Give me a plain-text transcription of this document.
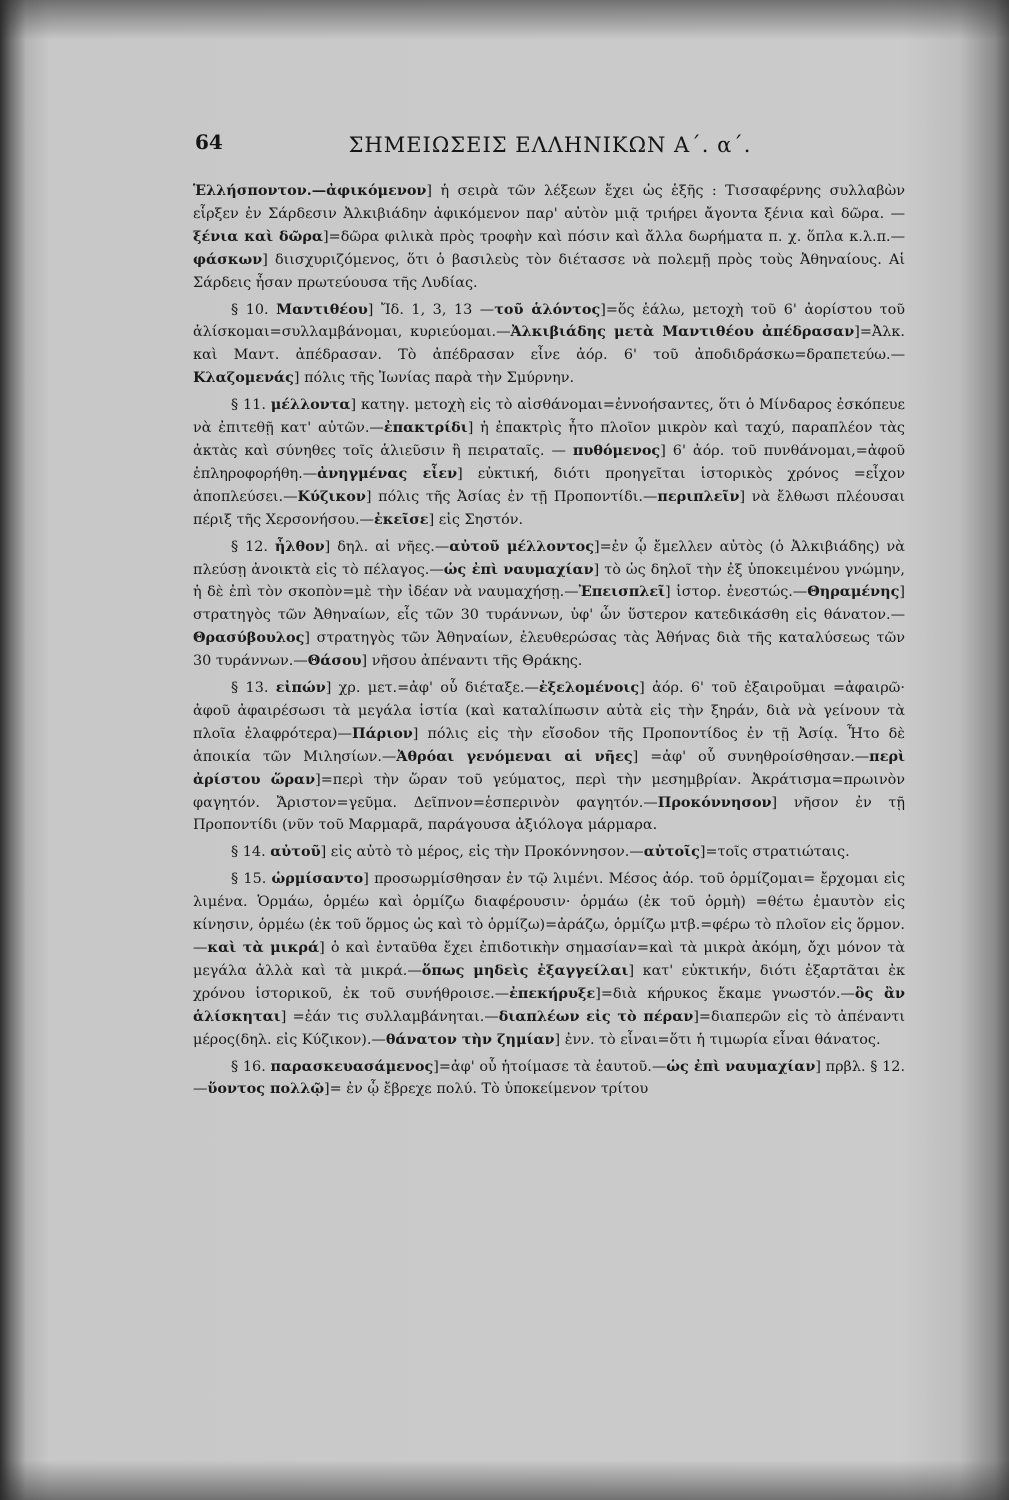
64	ΣΗΜΕΙΩΣΕΙΣ ΕΛΛΗΝΙΚΩΝ Α΄. α΄.

Ἑλλήσποντον.—ἀφικόμενον] ἡ σειρὰ τῶν λέξεων ἔχει ὡς ἑξῆς : Τισσαφέρνης συλλαβὼν εἷρξεν ἐν Σάρδεσιν Ἀλκιβιάδην ἀφικόμενον παρ' αὐτὸν μιᾷ τριήρει ἄγοντα ξένια καὶ δῶρα. — ξένια καὶ δῶρα]=δῶρα φιλικὰ πρὸς τροφὴν καὶ πόσιν καὶ ἄλλα δωρήματα π. χ. ὅπλα κ.λ.π.—φάσκων] διισχυριζόμενος, ὅτι ὁ βασιλεὺς τὸν διέτασσε νὰ πολεμῇ πρὸς τοὺς Ἀθηναίους. Αἱ Σάρδεις ἦσαν πρωτεύουσα τῆς Λυδίας.

§ 10. Μαντιθέου] Ἴδ. 1, 3, 13 —τοῦ ἁλόντος]=ὅς ἑάλω, μετοχὴ τοῦ 6' ἀορίστου τοῦ ἁλίσκομαι=συλλαμβάνομαι, κυριεύομαι.—Ἀλκιβιάδης μετὰ Μαντιθέου ἀπέδρασαν]=Ἀλκ. καὶ Μαντ. ἀπέδρασαν. Τὸ ἀπέδρασαν εἶνε ἀόρ. 6' τοῦ ἀποδιδράσκω=δραπετεύω.—Κλαζομενάς] πόλις τῆς Ἰωνίας παρὰ τὴν Σμύρνην.

§ 11. μέλλοντα] κατηγ. μετοχὴ εἰς τὸ αἰσθάνομαι=ἐννοήσαντες, ὅτι ὁ Μίνδαρος ἐσκόπευε νὰ ἐπιτεθῇ κατ' αὐτῶν.—ἐπακτρίδι] ἡ ἐπακτρὶς ἦτο πλοῖον μικρὸν καὶ ταχύ, παραπλέον τὰς ἀκτὰς καὶ σύνηθες τοῖς ἁλιεῦσιν ἢ πειραταῖς. — πυθόμενος] 6' ἀόρ. τοῦ πυνθάνομαι,=ἀφοῦ ἐπληροφορήθη.—ἀνηγμένας εἶεν] εὐκτική, διότι προηγεῖται ἱστορικὸς χρόνος =εἶχον ἀποπλεύσει.—Κύζικον] πόλις τῆς Ἀσίας ἐν τῇ Προποντίδι.—περιπλεῖν] νὰ ἔλθωσι πλέουσαι πέριξ τῆς Χερσονήσου.—ἐκεῖσε] εἰς Σηστόν.

§ 12. ἦλθον] δηλ. αἱ νῆες.—αὐτοῦ μέλλοντος]=ἐν ᾧ ἔμελλεν αὐτὸς (ὁ Ἀλκιβιάδης) νὰ πλεύσῃ ἀνοικτὰ εἰς τὸ πέλαγος.—ὡς ἐπὶ ναυμαχίαν] τὸ ὡς δηλοῖ τὴν ἐξ ὑποκειμένου γνώμην, ἡ δὲ ἐπὶ τὸν σκοπὸν=μὲ τὴν ἰδέαν νὰ ναυμαχήσῃ.—Ἐπεισπλεῖ] ἱστορ. ἐνεστώς.—Θηραμένης] στρατηγὸς τῶν Ἀθηναίων, εἷς τῶν 30 τυράννων, ὑφ' ὧν ὕστερον κατεδικάσθη εἰς θάνατον.—Θρασύβουλος] στρατηγὸς τῶν Ἀθηναίων, ἐλευθερώσας τὰς Ἀθήνας διὰ τῆς καταλύσεως τῶν 30 τυράννων.—Θάσου] νῆσου ἀπέναντι τῆς Θράκης.

§ 13. εἰπών] χρ. μετ.=ἀφ' οὗ διέταξε.—ἐξελομένοις] ἀόρ. 6' τοῦ ἐξαιροῦμαι =ἀφαιρῶ· ἀφοῦ ἀφαιρέσωσι τὰ μεγάλα ἱστία (καὶ καταλίπωσιν αὐτὰ εἰς τὴν ξηράν, διὰ νὰ γείνουν τὰ πλοῖα ἐλαφρότερα)—Πάριον] πόλις εἰς τὴν εἴσοδον τῆς Προποντίδος ἐν τῇ Ἀσίᾳ. Ἦτο δὲ ἀποικία τῶν Μιλησίων.—Ἀθρόαι γενόμεναι αἱ νῆες] =ἀφ' οὗ συνηθροίσθησαν.—περὶ ἀρίστου ὥραν]=περὶ τὴν ὥραν τοῦ γεύματος, περὶ τὴν μεσημβρίαν. Ἀκράτισμα=πρωινὸν φαγητόν. Ἄριστον=γεῦμα. Δεῖπνον=ἑσπερινὸν φαγητόν.—Προκόννησον] νῆσον ἐν τῇ Προποντίδι (νῦν τοῦ Μαρμαρᾶ, παράγουσα ἀξιόλογα μάρμαρα.

§ 14. αὐτοῦ] εἰς αὐτὸ τὸ μέρος, εἰς τὴν Προκόννησον.—αὐτοῖς]=τοῖς στρατιώταις.

§ 15. ὡρμίσαντο] προσωρμίσθησαν ἐν τῷ λιμένι. Μέσος ἀόρ. τοῦ ὁρμίζομαι= ἔρχομαι εἰς λιμένα. Ὁρμάω, ὁρμέω καὶ ὁρμίζω διαφέρουσιν· ὁρμάω (ἐκ τοῦ ὁρμὴ) =θέτω ἐμαυτὸν εἰς κίνησιν, ὁρμέω (ἐκ τοῦ ὅρμος ὡς καὶ τὸ ὁρμίζω)=ἀράζω, ὁρμίζω μτβ.=φέρω τὸ πλοῖον εἰς ὅρμον.—καὶ τὰ μικρά] ὁ καὶ ἐνταῦθα ἔχει ἐπιδοτικὴν σημασίαν=καὶ τὰ μικρὰ ἀκόμη, ὄχι μόνον τὰ μεγάλα ἀλλὰ καὶ τὰ μικρά.—ὅπως μηδεὶς ἐξαγγείλαι] κατ' εὐκτικήν, διότι ἐξαρτᾶται ἐκ χρόνου ἱστορικοῦ, ἐκ τοῦ συνήθροισε.—ἐπεκήρυξε]=διὰ κήρυκος ἔκαμε γνωστόν.—ὃς ἂν ἁλίσκηται] =ἐάν τις συλλαμβάνηται.—διαπλέων εἰς τὸ πέραν]=διαπερῶν εἰς τὸ ἀπέναντι μέρος(δηλ. εἰς Κύζικον).—θάνατον τὴν ζημίαν] ἐνν. τὸ εἶναι=ὅτι ἡ τιμωρία εἶναι θάνατος.

§ 16. παρασκευασάμενος]=ἀφ' οὗ ἡτοίμασε τὰ ἑαυτοῦ.—ὡς ἐπὶ ναυμαχίαν] πρβλ. § 12.—ὕοντος πολλῷ]= ἐν ᾧ ἔβρεχε πολύ. Τὸ ὑποκείμενον τρίτου
